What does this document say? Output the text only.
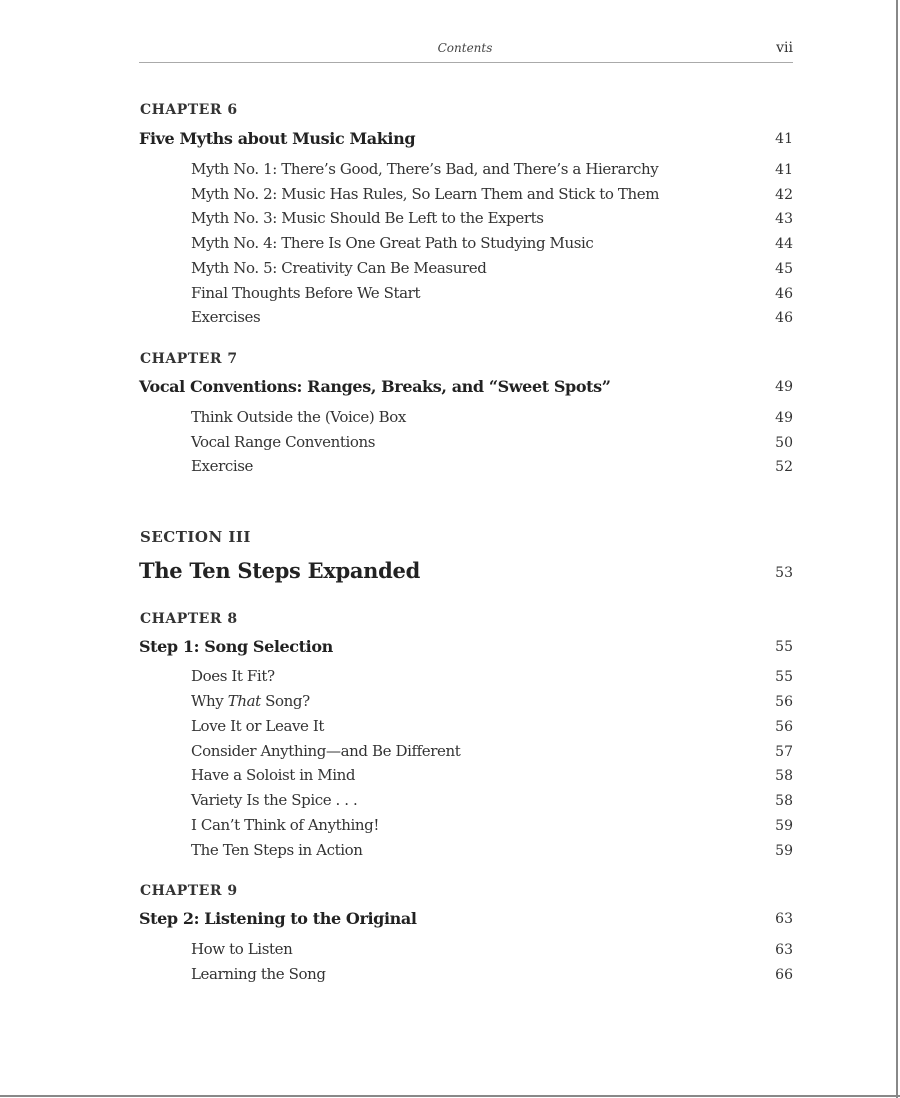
Contents	vii
CHAPTER 6
Five Myths about Music Making	41
Myth No. 1: There’s Good, There’s Bad, and There’s a Hierarchy	41
Myth No. 2: Music Has Rules, So Learn Them and Stick to Them	42
Myth No. 3: Music Should Be Left to the Experts	43
Myth No. 4: There Is One Great Path to Studying Music	44
Myth No. 5: Creativity Can Be Measured	45
Final Thoughts Before We Start	46
Exercises	46
CHAPTER 7
Vocal Conventions: Ranges, Breaks, and “Sweet Spots”	49
Think Outside the (Voice) Box	49
Vocal Range Conventions	50
Exercise	52
SECTION III
The Ten Steps Expanded	53
CHAPTER 8
Step 1: Song Selection	55
Does It Fit?	55
Why That Song?	56
Love It or Leave It	56
Consider Anything—and Be Different	57
Have a Soloist in Mind	58
Variety Is the Spice . . .	58
I Can’t Think of Anything!	59
The Ten Steps in Action	59
CHAPTER 9
Step 2: Listening to the Original	63
How to Listen	63
Learning the Song	66
